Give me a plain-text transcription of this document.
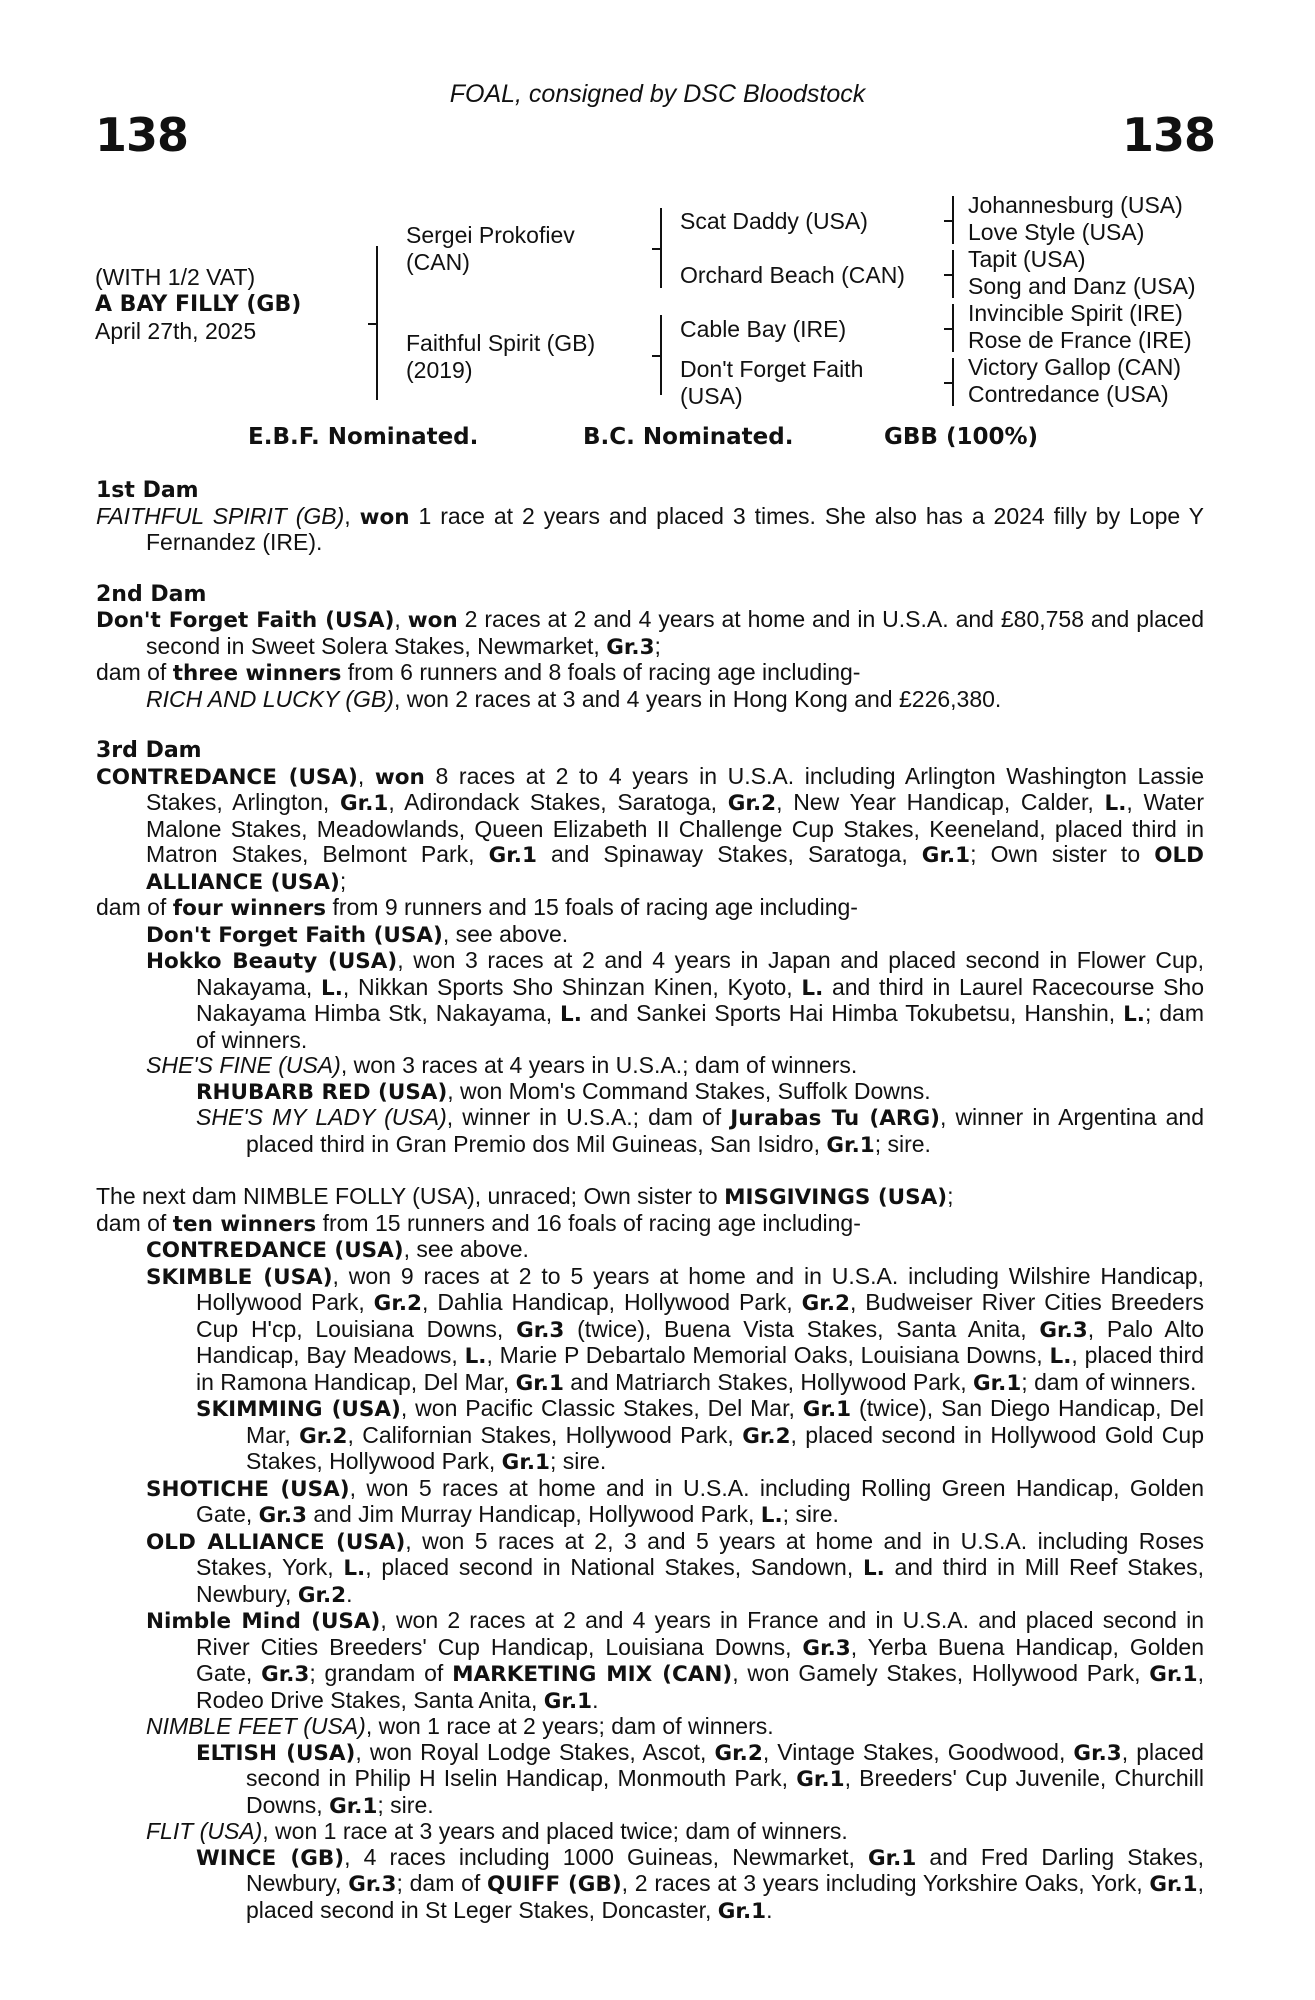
138
FOAL, consigned by DSC Bloodstock
138
(WITH 1/2 VAT)
A BAY FILLY (GB)
April 27th, 2025
Sergei Prokofiev
(CAN)
Faithful Spirit (GB)
(2019)
Scat Daddy (USA)
Orchard Beach (CAN)
Cable Bay (IRE)
Don't Forget Faith
(USA)
Johannesburg (USA)
Love Style (USA)
Tapit (USA)
Song and Danz (USA)
Invincible Spirit (IRE)
Rose de France (IRE)
Victory Gallop (CAN)
Contredance (USA)
E.B.F. Nominated.	B.C. Nominated.	GBB (100%)
1st Dam
FAITHFUL SPIRIT (GB), won 1 race at 2 years and placed 3 times. She also has a 2024 filly by Lope Y Fernandez (IRE).
2nd Dam
Don't Forget Faith (USA), won 2 races at 2 and 4 years at home and in U.S.A. and £80,758 and placed second in Sweet Solera Stakes, Newmarket, Gr.3;
dam of three winners from 6 runners and 8 foals of racing age including-
RICH AND LUCKY (GB), won 2 races at 3 and 4 years in Hong Kong and £226,380.
3rd Dam
CONTREDANCE (USA), won 8 races at 2 to 4 years in U.S.A. including Arlington Washington Lassie Stakes, Arlington, Gr.1, Adirondack Stakes, Saratoga, Gr.2, New Year Handicap, Calder, L., Water Malone Stakes, Meadowlands, Queen Elizabeth II Challenge Cup Stakes, Keeneland, placed third in Matron Stakes, Belmont Park, Gr.1 and Spinaway Stakes, Saratoga, Gr.1; Own sister to OLD ALLIANCE (USA);
dam of four winners from 9 runners and 15 foals of racing age including-
Don't Forget Faith (USA), see above.
Hokko Beauty (USA), won 3 races at 2 and 4 years in Japan and placed second in Flower Cup, Nakayama, L., Nikkan Sports Sho Shinzan Kinen, Kyoto, L. and third in Laurel Racecourse Sho Nakayama Himba Stk, Nakayama, L. and Sankei Sports Hai Himba Tokubetsu, Hanshin, L.; dam of winners.
SHE'S FINE (USA), won 3 races at 4 years in U.S.A.; dam of winners.
RHUBARB RED (USA), won Mom's Command Stakes, Suffolk Downs.
SHE'S MY LADY (USA), winner in U.S.A.; dam of Jurabas Tu (ARG), winner in Argentina and placed third in Gran Premio dos Mil Guineas, San Isidro, Gr.1; sire.
The next dam NIMBLE FOLLY (USA), unraced; Own sister to MISGIVINGS (USA);
dam of ten winners from 15 runners and 16 foals of racing age including-
CONTREDANCE (USA), see above.
SKIMBLE (USA), won 9 races at 2 to 5 years at home and in U.S.A. including Wilshire Handicap, Hollywood Park, Gr.2, Dahlia Handicap, Hollywood Park, Gr.2, Budweiser River Cities Breeders Cup H'cp, Louisiana Downs, Gr.3 (twice), Buena Vista Stakes, Santa Anita, Gr.3, Palo Alto Handicap, Bay Meadows, L., Marie P Debartalo Memorial Oaks, Louisiana Downs, L., placed third in Ramona Handicap, Del Mar, Gr.1 and Matriarch Stakes, Hollywood Park, Gr.1; dam of winners.
SKIMMING (USA), won Pacific Classic Stakes, Del Mar, Gr.1 (twice), San Diego Handicap, Del Mar, Gr.2, Californian Stakes, Hollywood Park, Gr.2, placed second in Hollywood Gold Cup Stakes, Hollywood Park, Gr.1; sire.
SHOTICHE (USA), won 5 races at home and in U.S.A. including Rolling Green Handicap, Golden Gate, Gr.3 and Jim Murray Handicap, Hollywood Park, L.; sire.
OLD ALLIANCE (USA), won 5 races at 2, 3 and 5 years at home and in U.S.A. including Roses Stakes, York, L., placed second in National Stakes, Sandown, L. and third in Mill Reef Stakes, Newbury, Gr.2.
Nimble Mind (USA), won 2 races at 2 and 4 years in France and in U.S.A. and placed second in River Cities Breeders' Cup Handicap, Louisiana Downs, Gr.3, Yerba Buena Handicap, Golden Gate, Gr.3; grandam of MARKETING MIX (CAN), won Gamely Stakes, Hollywood Park, Gr.1, Rodeo Drive Stakes, Santa Anita, Gr.1.
NIMBLE FEET (USA), won 1 race at 2 years; dam of winners.
ELTISH (USA), won Royal Lodge Stakes, Ascot, Gr.2, Vintage Stakes, Goodwood, Gr.3, placed second in Philip H Iselin Handicap, Monmouth Park, Gr.1, Breeders' Cup Juvenile, Churchill Downs, Gr.1; sire.
FLIT (USA), won 1 race at 3 years and placed twice; dam of winners.
WINCE (GB), 4 races including 1000 Guineas, Newmarket, Gr.1 and Fred Darling Stakes, Newbury, Gr.3; dam of QUIFF (GB), 2 races at 3 years including Yorkshire Oaks, York, Gr.1, placed second in St Leger Stakes, Doncaster, Gr.1.
